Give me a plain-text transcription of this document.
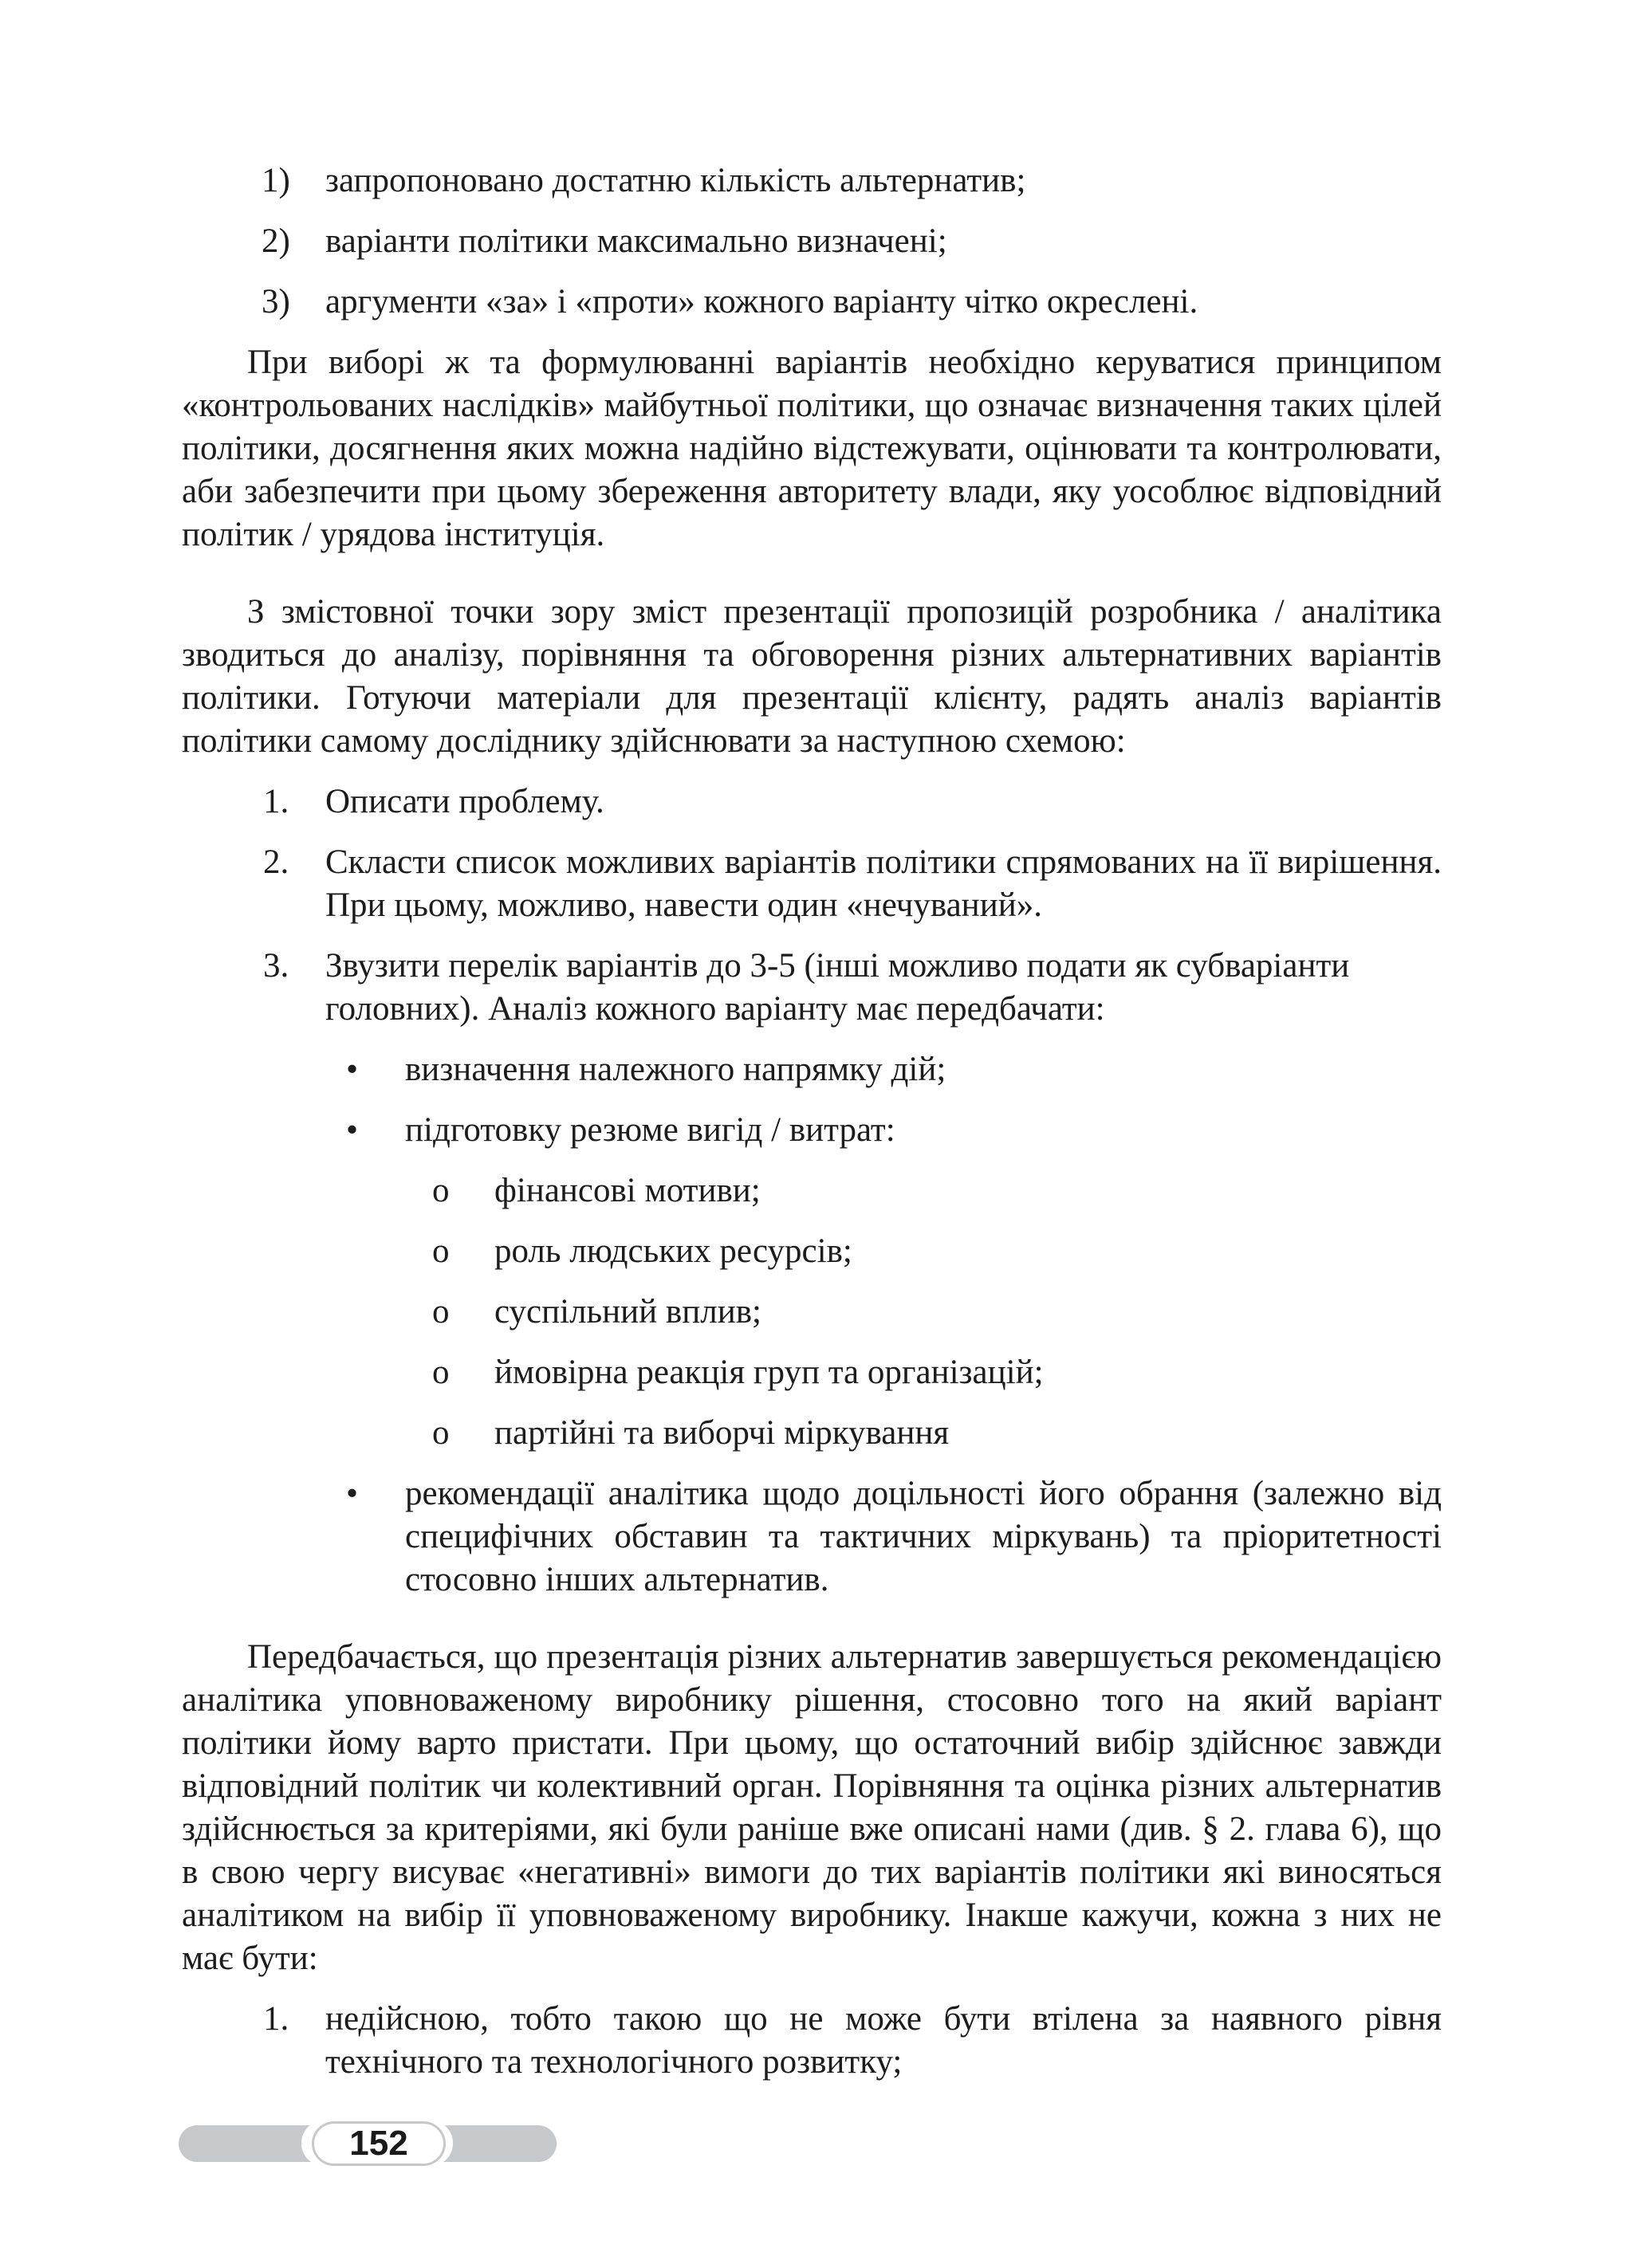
1) запропоновано достатню кількість альтернатив;
2) варіанти політики максимально визначені;
3) аргументи «за» і «проти» кожного варіанту чітко окреслені.

При виборі ж та формулюванні варіантів необхідно керуватися принципом «контрольованих наслідків» майбутньої політики, що означає визначення таких цілей політики, досягнення яких можна надійно відстежувати, оцінювати та контролювати, аби забезпечити при цьому збереження авторитету влади, яку уособлює відповідний політик / урядова інституція.

З змістовної точки зору зміст презентації пропозицій розробника / аналітика зводиться до аналізу, порівняння та обговорення різних альтернативних варіантів політики. Готуючи матеріали для презентації клієнту, радять аналіз варіантів політики самому досліднику здійснювати за наступною схемою:

1. Описати проблему.
2. Скласти список можливих варіантів політики спрямованих на її вирішення. При цьому, можливо, навести один «нечуваний».
3. Звузити перелік варіантів до 3-5 (інші можливо подати як субваріанти головних). Аналіз кожного варіанту має передбачати:
• визначення належного напрямку дій;
• підготовку резюме вигід / витрат:
o фінансові мотиви;
o роль людських ресурсів;
o суспільний вплив;
o ймовірна реакція груп та організацій;
o партійні та виборчі міркування
• рекомендації аналітика щодо доцільності його обрання (залежно від специфічних обставин та тактичних міркувань) та пріоритетності стосовно інших альтернатив.

Передбачається, що презентація різних альтернатив завершується рекомендацією аналітика уповноваженому виробнику рішення, стосовно того на який варіант політики йому варто пристати. При цьому, що остаточний вибір здійснює завжди відповідний політик чи колективний орган. Порівняння та оцінка різних альтернатив здійснюється за критеріями, які були раніше вже описані нами (див. § 2. глава 6), що в свою чергу висуває «негативні» вимоги до тих варіантів політики які виносяться аналітиком на вибір її уповноваженому виробнику. Інакше кажучи, кожна з них не має бути:

1. недійсною, тобто такою що не може бути втілена за наявного рівня технічного та технологічного розвитку;
152
